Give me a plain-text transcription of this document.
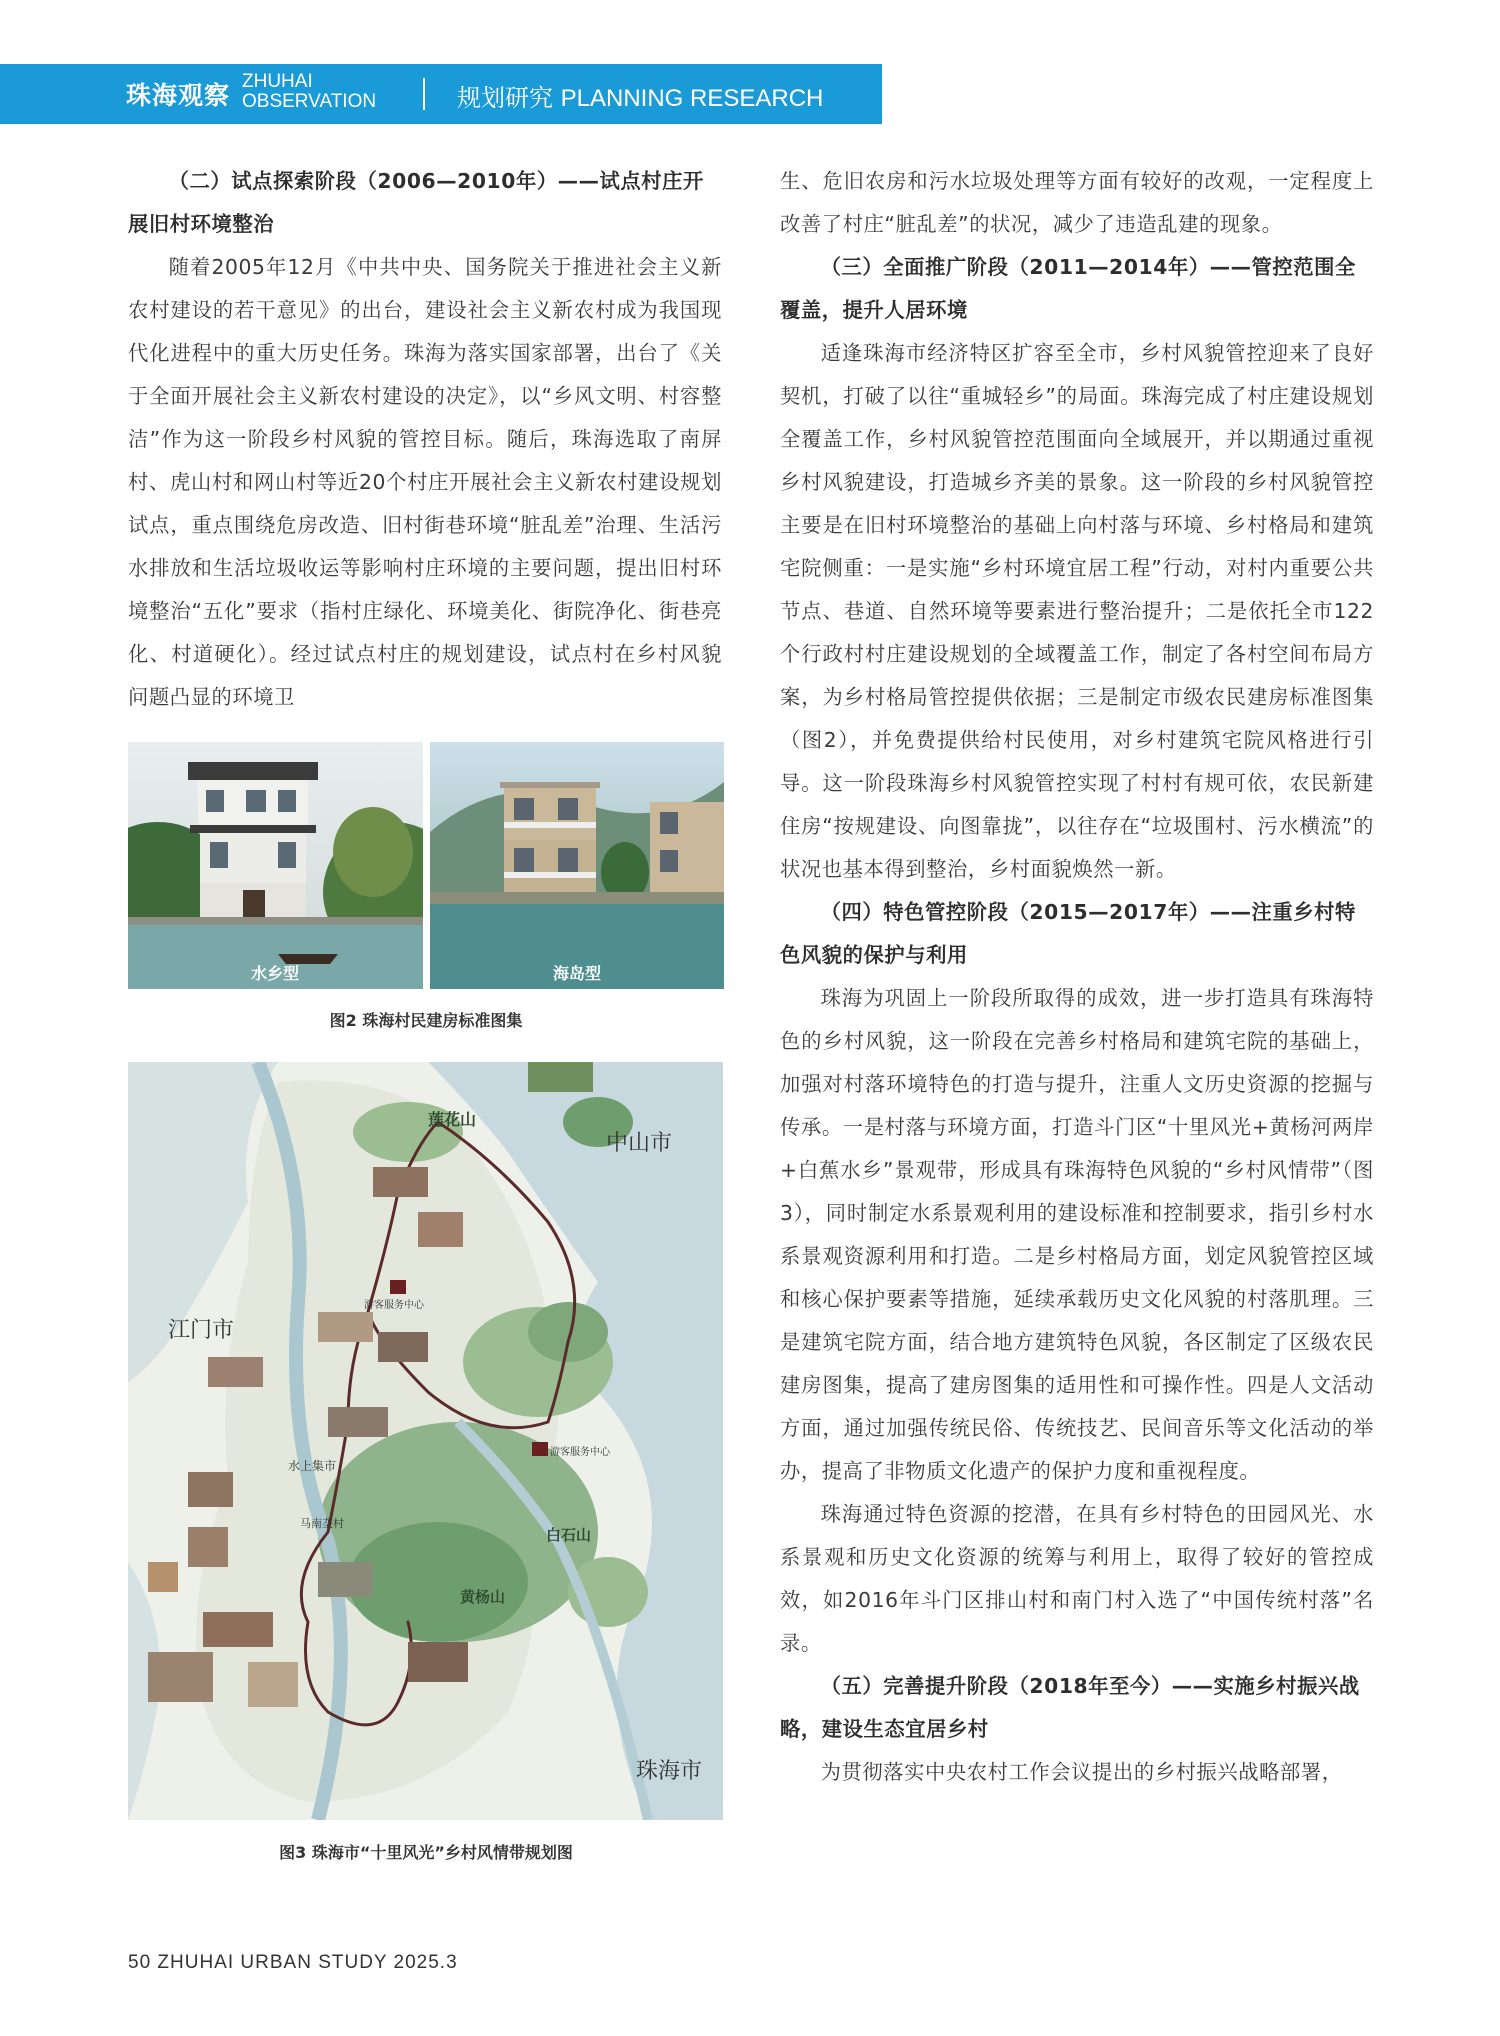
珠海观察 ZHUHAI
OBSERVATION	规划研究 PLANNING RESEARCH
（二）试点探索阶段（2006—2010年）——试点村庄开展旧村环境整治

随着2005年12月《中共中央、国务院关于推进社会主义新农村建设的若干意见》的出台，建设社会主义新农村成为我国现代化进程中的重大历史任务。珠海为落实国家部署，出台了《关于全面开展社会主义新农村建设的决定》，以“乡风文明、村容整洁”作为这一阶段乡村风貌的管控目标。随后，珠海选取了南屏村、虎山村和网山村等近20个村庄开展社会主义新农村建设规划试点，重点围绕危房改造、旧村街巷环境“脏乱差”治理、生活污水排放和生活垃圾收运等影响村庄环境的主要问题，提出旧村环境整治“五化”要求（指村庄绿化、环境美化、街院净化、街巷亮化、村道硬化）。经过试点村庄的规划建设，试点村在乡村风貌问题凸显的环境卫

水乡型	海岛型
图2 珠海村民建房标准图集
中山市
江门市
珠海市
莲花山
黄杨山
白石山
水上集市
游客服务中心
游客服务中心
马南垄村
图3 珠海市“十里风光”乡村风情带规划图

生、危旧农房和污水垃圾处理等方面有较好的改观，一定程度上改善了村庄“脏乱差”的状况，减少了违造乱建的现象。

（三）全面推广阶段（2011—2014年）——管控范围全覆盖，提升人居环境

适逢珠海市经济特区扩容至全市，乡村风貌管控迎来了良好契机，打破了以往“重城轻乡”的局面。珠海完成了村庄建设规划全覆盖工作，乡村风貌管控范围面向全域展开，并以期通过重视乡村风貌建设，打造城乡齐美的景象。这一阶段的乡村风貌管控主要是在旧村环境整治的基础上向村落与环境、乡村格局和建筑宅院侧重：一是实施“乡村环境宜居工程”行动，对村内重要公共节点、巷道、自然环境等要素进行整治提升；二是依托全市122个行政村村庄建设规划的全域覆盖工作，制定了各村空间布局方案，为乡村格局管控提供依据；三是制定市级农民建房标准图集（图2），并免费提供给村民使用，对乡村建筑宅院风格进行引导。这一阶段珠海乡村风貌管控实现了村村有规可依，农民新建住房“按规建设、向图靠拢”，以往存在“垃圾围村、污水横流”的状况也基本得到整治，乡村面貌焕然一新。

（四）特色管控阶段（2015—2017年）——注重乡村特色风貌的保护与利用

珠海为巩固上一阶段所取得的成效，进一步打造具有珠海特色的乡村风貌，这一阶段在完善乡村格局和建筑宅院的基础上，加强对村落环境特色的打造与提升，注重人文历史资源的挖掘与传承。一是村落与环境方面，打造斗门区“十里风光+黄杨河两岸+白蕉水乡”景观带，形成具有珠海特色风貌的“乡村风情带”（图3），同时制定水系景观利用的建设标准和控制要求，指引乡村水系景观资源利用和打造。二是乡村格局方面，划定风貌管控区域和核心保护要素等措施，延续承载历史文化风貌的村落肌理。三是建筑宅院方面，结合地方建筑特色风貌，各区制定了区级农民建房图集，提高了建房图集的适用性和可操作性。四是人文活动方面，通过加强传统民俗、传统技艺、民间音乐等文化活动的举办，提高了非物质文化遗产的保护力度和重视程度。

珠海通过特色资源的挖潜，在具有乡村特色的田园风光、水系景观和历史文化资源的统筹与利用上，取得了较好的管控成效，如2016年斗门区排山村和南门村入选了“中国传统村落”名录。

（五）完善提升阶段（2018年至今）——实施乡村振兴战略，建设生态宜居乡村

为贯彻落实中央农村工作会议提出的乡村振兴战略部署，

50 ZHUHAI URBAN STUDY 2025.3
